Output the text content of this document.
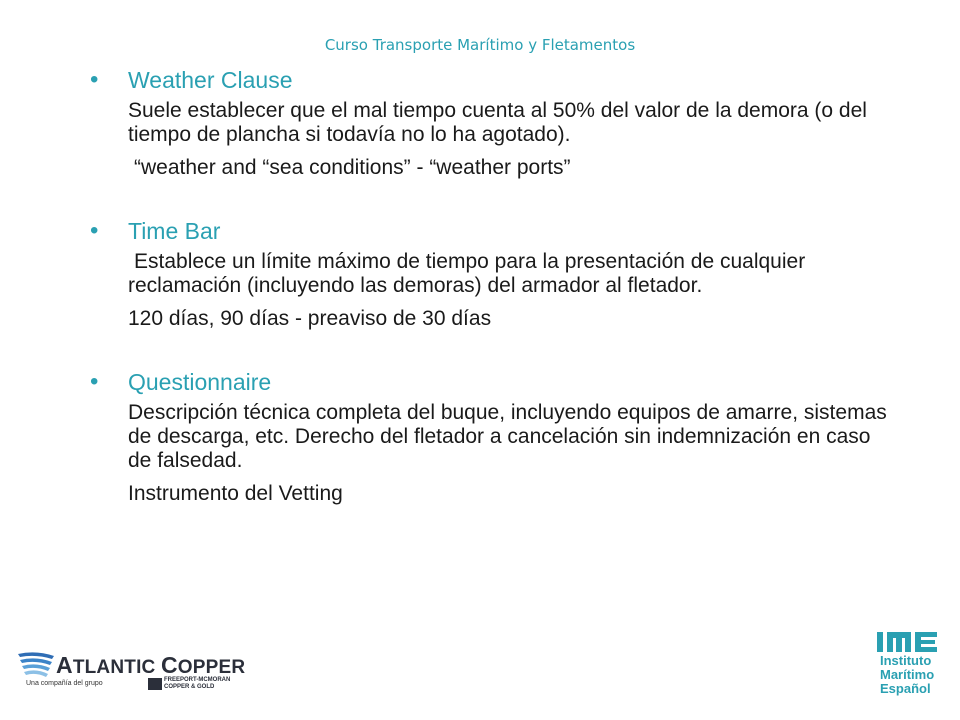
Curso Transporte Marítimo y Fletamentos
• Weather Clause
Suele establecer que el mal tiempo cuenta al 50% del valor de la demora (o del tiempo de plancha si todavía no lo ha agotado).
“weather and “sea conditions” - “weather ports”
• Time Bar
Establece un límite máximo de tiempo para la presentación de cualquier reclamación (incluyendo las demoras) del armador al fletador.
120 días, 90 días - preaviso de 30 días
• Questionnaire
Descripción técnica completa del buque, incluyendo equipos de amarre, sistemas de descarga, etc. Derecho del fletador a cancelación sin indemnización en caso de falsedad.
Instrumento del Vetting
ATLANTIC COPPER
Una compañía del grupo	FREEPORT-MCMORAN
COPPER & GOLD
Instituto
Marítimo
Español
